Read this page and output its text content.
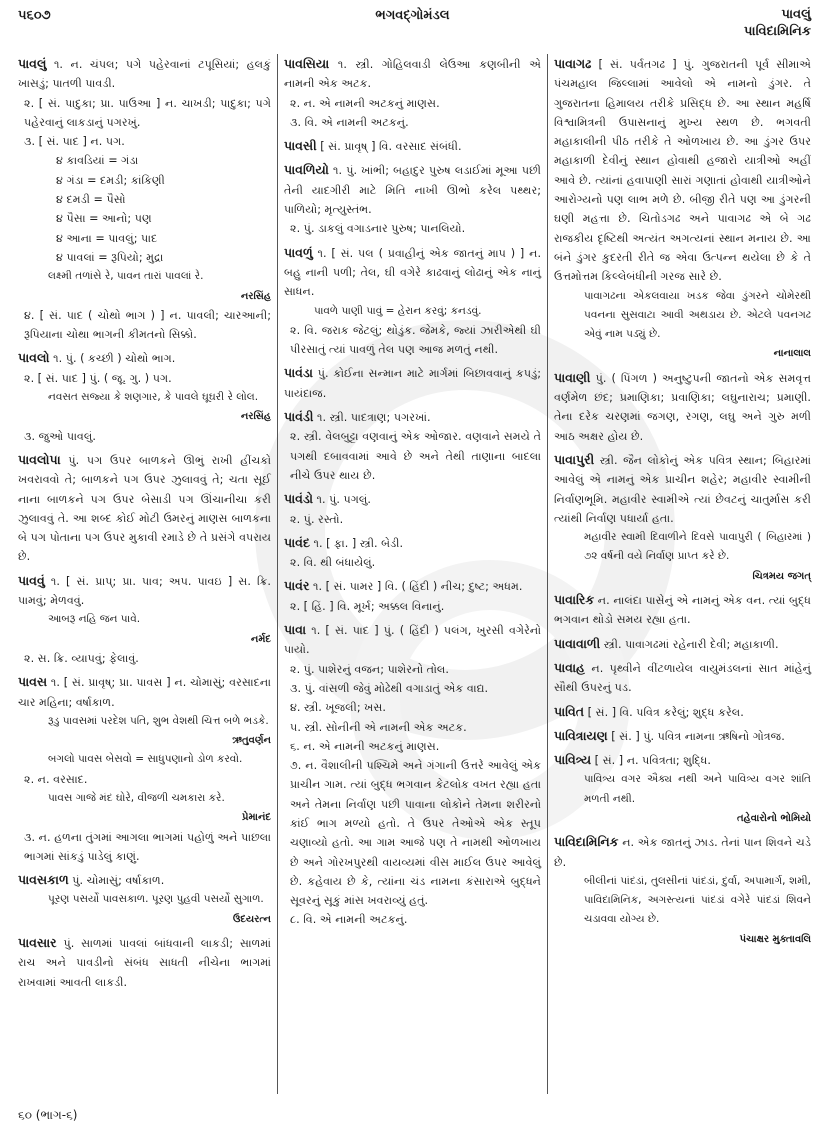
૫૬૦૭	ભગવદ્ગોમંડલ	પાવલું
પાવિદામિનિક
પાવલું ૧. ન. ચંપલ; પગે પહેરવાનાં ટપૂસિયાં; હલકું ખાસડું; પાતળી પાવડી.
૨. [ સં. પાદુકા; પ્રા. પાઉઆ ] ન. ચાખડી; પાદુકા; પગે પહેરવાનું લાકડાનું પગરખું.
૩. [ સં. પાદ ] ન. પગ.
૪ કાવડિયાં = ગંડા
૪ ગંડા = દમડી; કાંકિણી
૪ દમડી = પૈસો
૪ પૈસા = આનો; પણ
૪ આના = પાવલું; પાદ
૪ પાવલાં = રૂપિયો; મુદ્રા
લક્ષ્મી તળાંસે રે, પાવન તારાં પાવલાં રે.
નરસિંહ
૪. [ સં. પાદ ( ચોથો ભાગ ) ] ન. પાવલી; ચારઆની; રૂપિયાના ચોથા ભાગની કીમતનો સિક્કો.
પાવલો ૧. પું. ( કચ્છી ) ચોથો ભાગ.
૨. [ સં. પાદ ] પું. ( જૂ. ગુ. ) પગ.
નવસત સજ્યા કે શણગાર, કે પાવલે ઘૂઘરી રે લોલ.
નરસિંહ
૩. જુઓ પાવલું.
પાવલોપા પું. પગ ઉપર બાળકને ઊભું રાખી હીંચકો ખવરાવવો તે; બાળકને પગ ઉપર ઝુલાવવું તે; ચતા સૂઈ નાના બાળકને પગ ઉપર બેસાડી પગ ઊંચાનીચા કરી ઝુલાવવું તે. આ શબ્દ કોઈ મોટી ઉમરનું માણસ બાળકના બે પગ પોતાના પગ ઉપર મુકાવી રમાડે છે તે પ્રસંગે વપરાય છે.
પાવવું ૧. [ સં. પ્રાપ્; પ્રા. પાવ; અપ. પાવઇ ] સ. ક્રિ. પામવું; મેળવવું.
આબરૂ નહિ જન પાવે.
નર્મદ
૨. સ. ક્રિ. વ્યાપવું; ફેલાવું.
પાવસ ૧. [ સં. પ્રાવૃષ્; પ્રા. પાવસ ] ન. ચોમાસું; વરસાદના ચાર મહિના; વર્ષાકાળ.
રૂડુ પાવસમાં પરદેશ પતિ, શુભ વેશથી ચિત્ત બળે ભડકે.
ઋતુવર્ણન
બગલો પાવસ બેસવો = સાધુપણાનો ડોળ કરવો.
૨. ન. વરસાદ.
પાવસ ગાજે મંદ ઘોરે, વીજળી ચમકારા કરે.
પ્રેમાનંદ
૩. ન. હળના તુંગમાં આગલા ભાગમાં પહોળું અને પાછલા ભાગમાં સાંકડું પાડેલું કાણું.
પાવસકાળ પું. ચોમાસું; વર્ષાકાળ.
પૂરણ પસર્યો પાવસકાળ. પૂરણ પુહવી પસર્યો સુગાળ.
ઉદયરત્ન
પાવસાર પું. સાળમાં પાવલાં બાંધવાની લાકડી; સાળમાં રાચ અને પાવડીનો સંબંધ સાધતી નીચેના ભાગમાં રાખવામાં આવતી લાકડી.
પાવસિયા ૧. સ્ત્રી. ગોહિલવાડી લેઉઆ કણબીની એ નામની એક અટક.
૨. ન. એ નામની અટકનું માણસ.
૩. વિ. એ નામની અટકનું.
પાવસી [ સં. પ્રાવૃષ્ ] વિ. વરસાદ સંબંધી.
પાવળિયો ૧. પું. ખાંભી; બહાદુર પુરુષ લડાઈમાં મૂઆ પછી તેની યાદગીરી માટે મિતિ નાખી ઊભો કરેલ પથ્થર; પાળિયો; મૃત્યુસ્તંભ.
૨. પું. ડાકલું વગાડનાર પુરુષ; પાનલિયો.
પાવળું ૧. [ સં. પલ ( પ્રવાહીનું એક જાતનું માપ ) ] ન. બહુ નાની પળી; તેલ, ઘી વગેરે કાઢવાનું લોઢાનું એક નાનું સાધન.
પાવળે પાણી પાવું = હેરાન કરવું; કનડવું.
૨. વિ. જરાક જેટલું; થોડુંક. જેમકે, જ્યાં ઝારીએથી ઘી પીરસાતું ત્યાં પાવળું તેલ પણ આજ મળતું નથી.
પાવંડા પું. કોઈના સન્માન માટે માર્ગમાં બિછાવવાનું કપડું; પાયંદાજ.
પાવંડી ૧. સ્ત્રી. પાદત્રાણ; પગરખાં.
૨. સ્ત્રી. વેલબુટ્ટા વણવાનું એક ઓજાર. વણવાને સમયે તે પગથી દબાવવામાં આવે છે અને તેથી તાણાના બાદલા નીચે ઉપર થાય છે.
પાવંડો ૧. પું. પગલું.
૨. પું. રસ્તો.
પાવંદ ૧. [ ફા. ] સ્ત્રી. બેડી.
૨. વિ. થી બંધાયેલું.
પાવંર ૧. [ સં. પામર ] વિ. ( હિંદી ) નીચ; દુષ્ટ; અધમ.
૨. [ હિં. ] વિ. મૂર્ખ; અક્કલ વિનાનું.
પાવા ૧. [ સં. પાદ ] પું. ( હિંદી ) પલંગ, ખુરસી વગેરેનો પાયો.
૨. પું. પાશેરનું વજન; પાશેરનો તોલ.
૩. પું. વાંસળી જેવું મોઢેથી વગાડાતું એક વાદ્ય.
૪. સ્ત્રી. ખૂજલી; ખસ.
૫. સ્ત્રી. સોનીની એ નામની એક અટક.
૬. ન. એ નામની અટકનું માણસ.
૭. ન. વૈશાલીની પશ્ચિમે અને ગંગાની ઉત્તરે આવેલું એક પ્રાચીન ગામ. ત્યાં બુદ્ધ ભગવાન કેટલોક વખત રહ્યા હતા અને તેમના નિર્વાણ પછી પાવાના લોકોને તેમના શરીરનો કાંઈ ભાગ મળ્યો હતો. તે ઉપર તેઓએ એક સ્તૂપ ચણાવ્યો હતો. આ ગામ આજે પણ તે નામથી ઓળખાય છે અને ગોરખપુરથી વાયવ્યમાં વીસ માઈલ ઉપર આવેલું છે. કહેવાય છે કે, ત્યાંના ચંડ નામના કંસારાએ બુદ્ધને સૂવરનું સૂકું માંસ ખવરાવ્યું હતું.
૮. વિ. એ નામની અટકનું.
પાવાગઢ [ સં. પર્વતગઢ ] પું. ગુજરાતની પૂર્વ સીમાએ પંચમહાલ જિલ્લામાં આવેલો એ નામનો ડુંગર. તે ગુજરાતના હિમાલય તરીકે પ્રસિદ્ધ છે. આ સ્થાન મહર્ષિ વિશ્વામિત્રની ઉપાસનાનું મુખ્ય સ્થળ છે. ભગવતી મહાકાલીની પીઠ તરીકે તે ઓળખાય છે. આ ડુંગર ઉપર મહાકાળી દેવીનું સ્થાન હોવાથી હજારો યાત્રીઓ અહીં આવે છે. ત્યાંનાં હવાપાણી સારાં ગણાતાં હોવાથી યાત્રીઓને આરોગ્યનો પણ લાભ મળે છે. બીજી રીતે પણ આ ડુંગરની ઘણી મહત્તા છે. ચિતોડગઢ અને પાવાગઢ એ બે ગઢ રાજકીય દૃષ્ટિથી અત્યંત અગત્યનાં સ્થાન મનાય છે. આ બંને ડુંગર કુદરતી રીતે જ એવા ઉત્પન્ન થયેલા છે કે તે ઉત્તમોત્તમ કિલ્લેબંધીની ગરજ સારે છે.
પાવાગઢના એકલવાયા ખડક જેવા ડુંગરને ચોમેરથી પવનના સુસવાટા આવી અથડાય છે. એટલે પવનગઢ એવું નામ પડ્યું છે.
નાનાલાલ
પાવાણી પું. ( પિંગળ ) અનુષ્ટુપની જાતનો એક સમવૃત્ત વર્ણમેળ છંદ; પ્રમાણિકા; પ્રવાણિકા; લઘુનારાચ; પ્રમાણી. તેના દરેક ચરણમાં જગણ, રગણ, લઘુ અને ગુરુ મળી આઠ અક્ષર હોય છે.
પાવાપુરી સ્ત્રી. જૈન લોકોનું એક પવિત્ર સ્થાન; બિહારમાં આવેલું એ નામનું એક પ્રાચીન શહેર; મહાવીર સ્વામીની નિર્વાણભૂમિ. મહાવીર સ્વામીએ ત્યાં છેવટનું ચાતુર્માસ કરી ત્યાંથી નિર્વાણ પધાર્યા હતા.
મહાવીર સ્વામી દિવાળીને દિવસે પાવાપુરી ( બિહારમાં ) ૭૨ વર્ષની વયે નિર્વાણ પ્રાપ્ત કરે છે.
ચિત્રમય જગત્
પાવારિક ન. નાલંદા પાસેનું એ નામનું એક વન. ત્યાં બુદ્ધ ભગવાન થોડો સમય રહ્યા હતા.
પાવાવાળી સ્ત્રી. પાવાગઢમાં રહેનારી દેવી; મહાકાળી.
પાવાહ ન. પૃથ્વીને વીંટળાયેલ વાયુમંડલનાં સાત માંહેનું સૌથી ઉપરનું પડ.
પાવિત [ સં. ] વિ. પવિત્ર કરેલું; શુદ્ધ કરેલ.
પાવિત્રાયણ [ સં. ] પું. પવિત્ર નામના ઋષિનો ગોત્રજ.
પાવિત્ર્ય [ સં. ] ન. પવિત્રતા; શુદ્ધિ.
પાવિત્ર્ય વગર ઐક્ય નથી અને પાવિત્ર્ય વગર શાંતિ મળતી નથી.
તહેવારોનો ભોમિયો
પાવિદામિનિક ન. એક જાતનું ઝાડ. તેનાં પાન શિવને ચડે છે.
બીલીનાં પાંદડાં, તુલસીનાં પાંદડાં, દુર્વા, અપામાર્ગ, શમી, પાવિદામિનિક, અગસ્ત્યનાં પાંદડાં વગેરે પાંદડાં શિવને ચડાવવા યોગ્ય છે.
પંચાક્ષર મુક્તાવલિ
૬૦ (ભાગ-૬)
